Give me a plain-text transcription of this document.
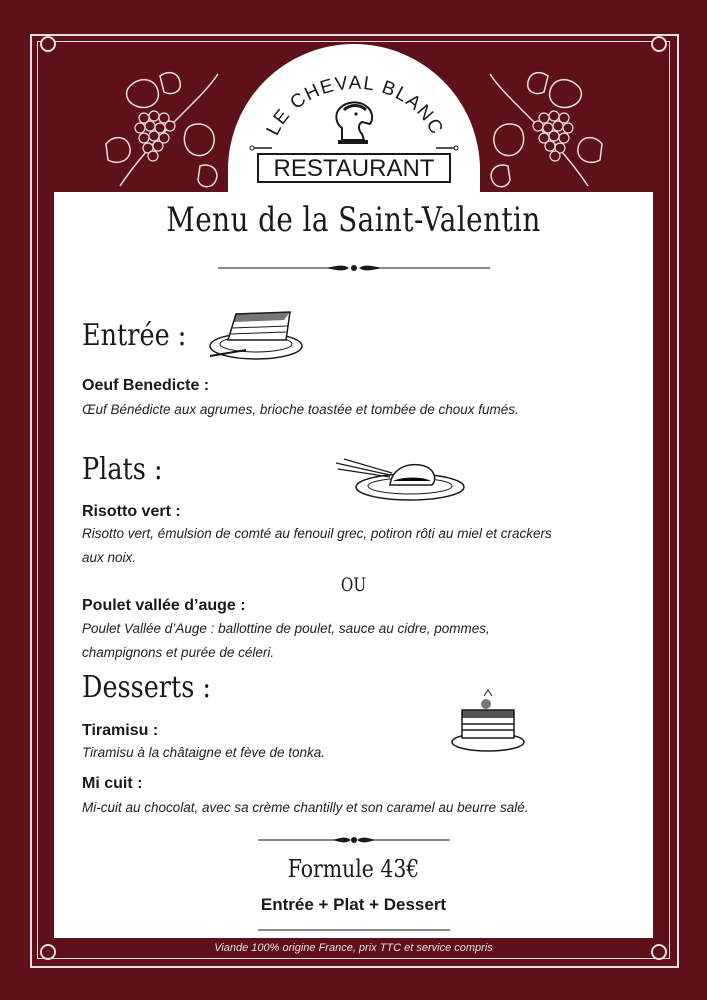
LE CHEVAL BLANC
RESTAURANT
Menu de la Saint-Valentin
Entrée :
Oeuf Benedicte :
Œuf Bénédicte aux agrumes, brioche toastée et tombée de choux fumés.
Plats :
Risotto vert :
Risotto vert, émulsion de comté au fenouil grec, potiron rôti au miel et crackers aux noix.
OU
Poulet vallée d’auge :
Poulet Vallée d’Auge : ballottine de poulet, sauce au cidre, pommes, champignons et purée de céleri.
Desserts :
Tiramisu :
Tiramisu à la châtaigne et fève de tonka.
Mi cuit :
Mi-cuit au chocolat, avec sa crème chantilly et son caramel au beurre salé.
Formule 43€
Entrée + Plat + Dessert
Viande 100% origine France, prix TTC et service compris
